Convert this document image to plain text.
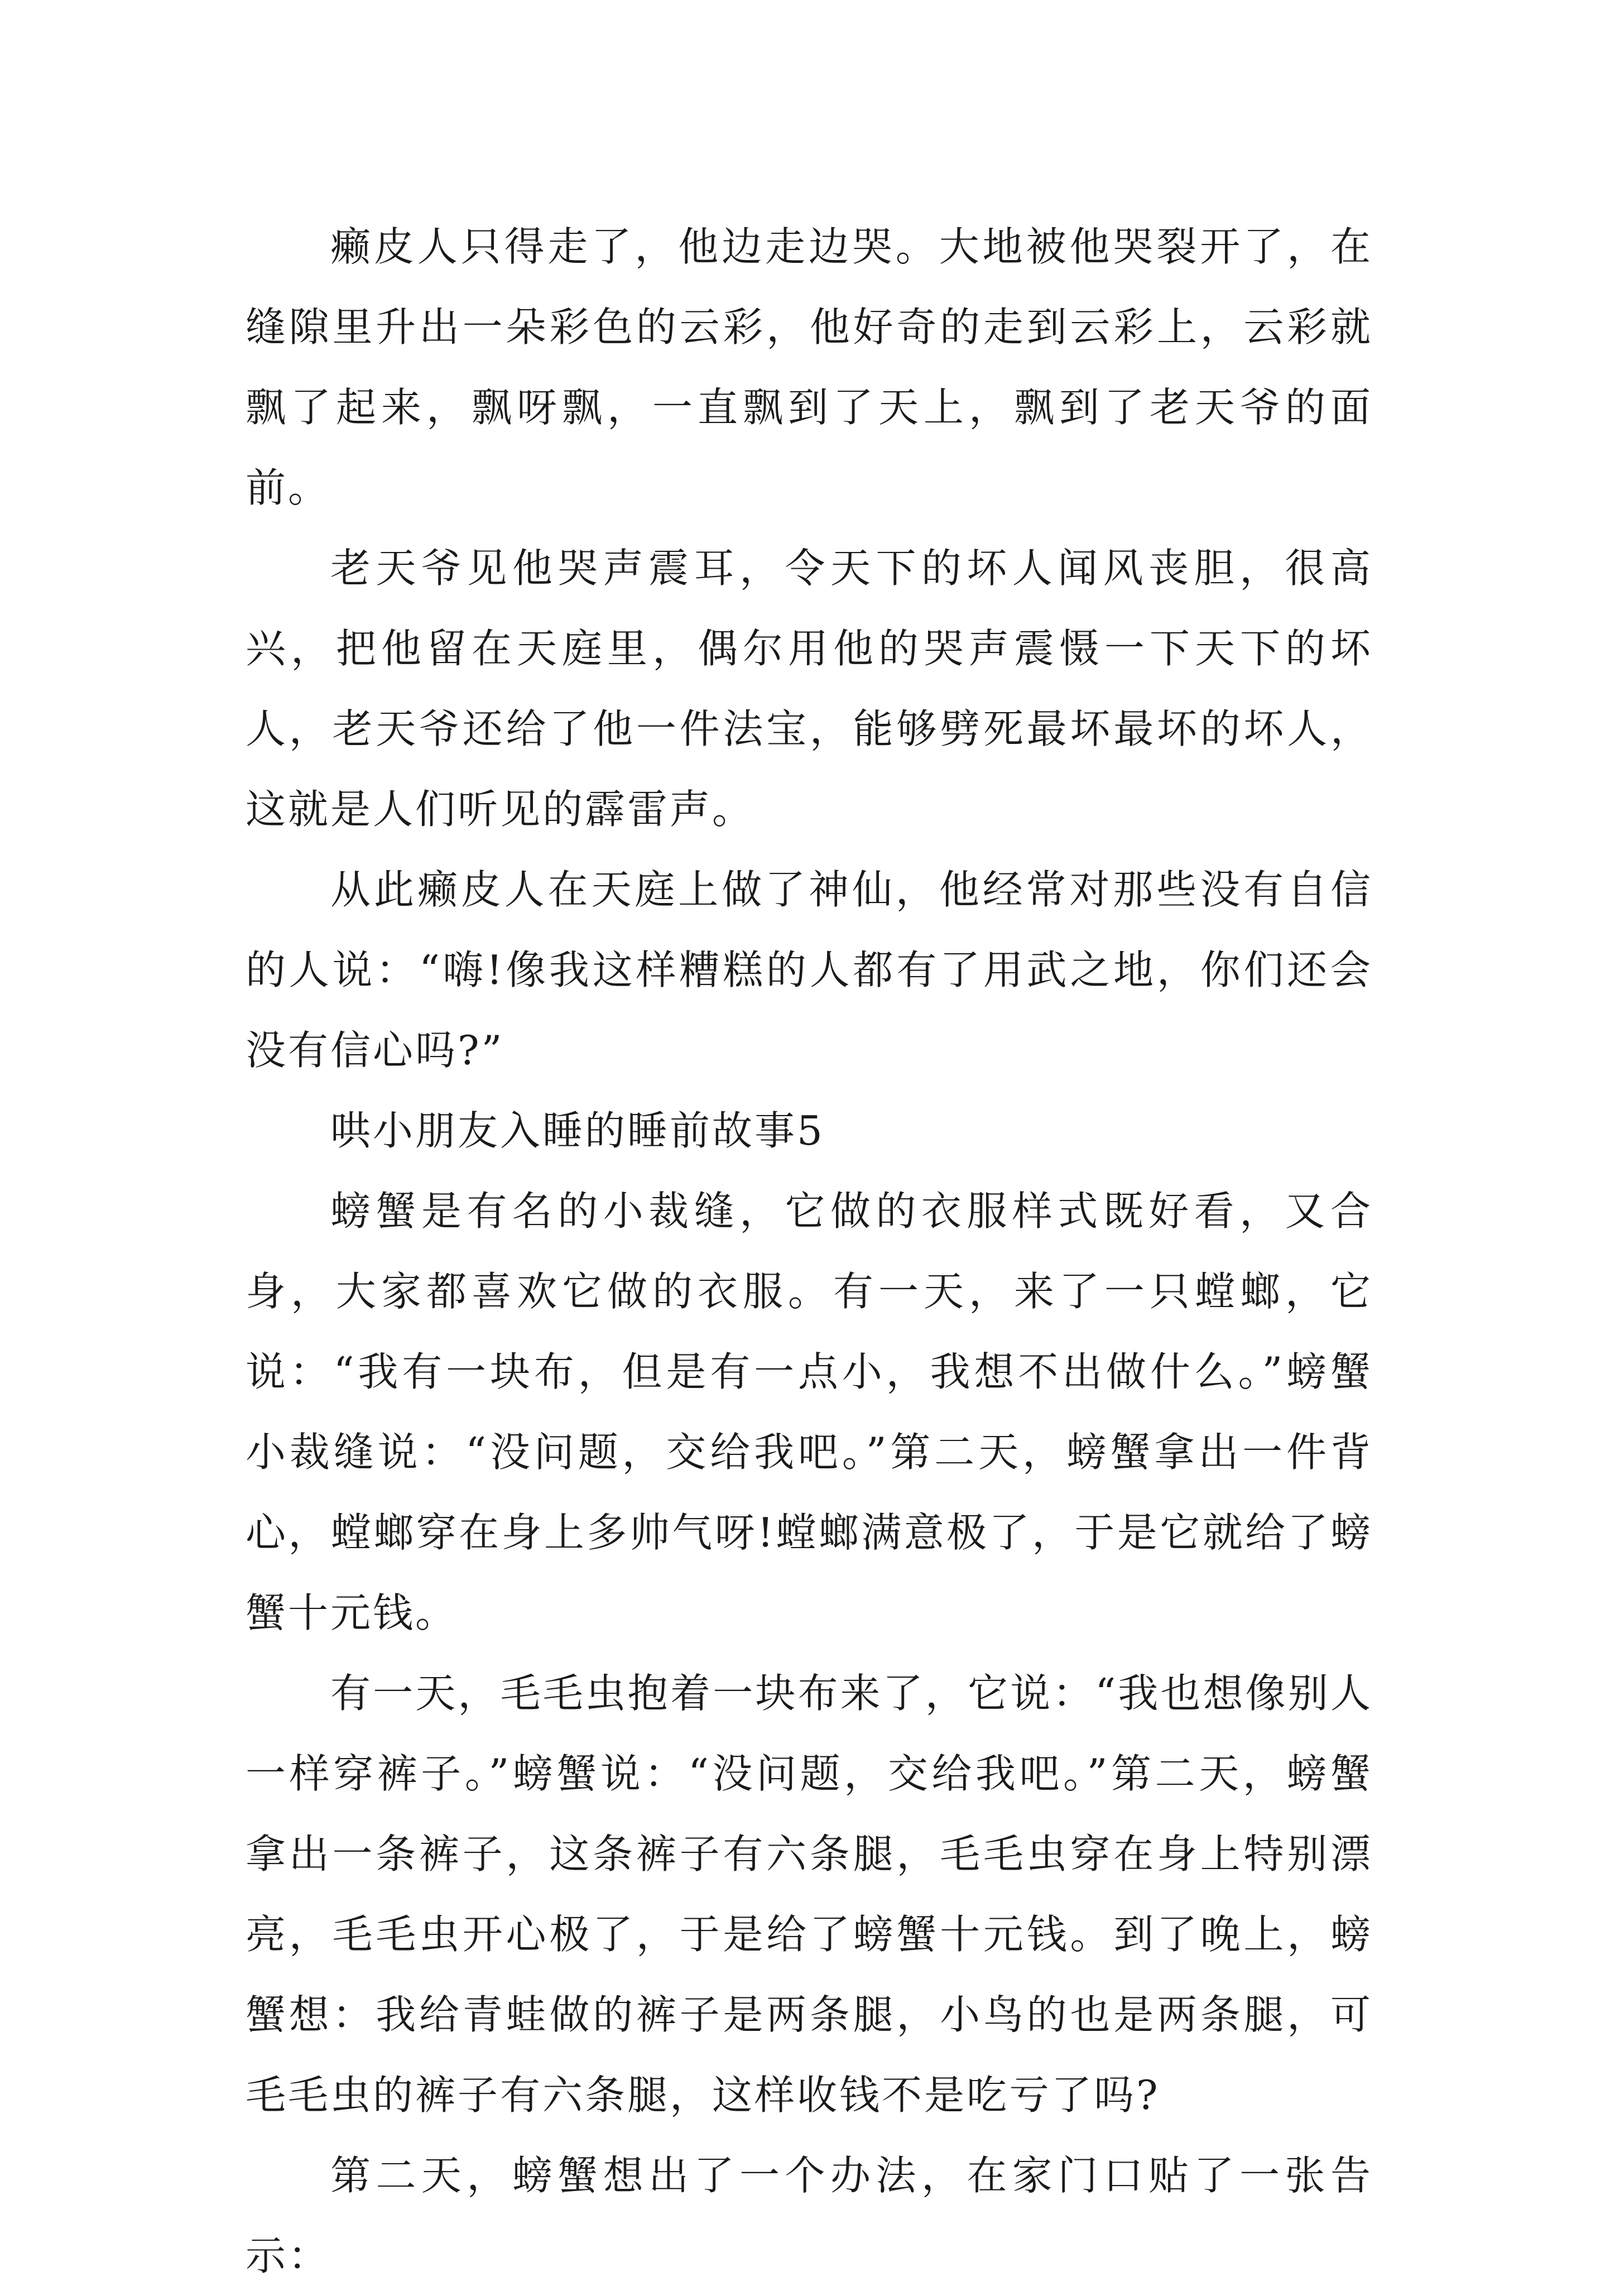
癞皮人只得走了，他边走边哭。大地被他哭裂开了，在缝隙里升出一朵彩色的云彩，他好奇的走到云彩上，云彩就飘了起来，飘呀飘，一直飘到了天上，飘到了老天爷的面前。

老天爷见他哭声震耳，令天下的坏人闻风丧胆，很高兴，把他留在天庭里，偶尔用他的哭声震慑一下天下的坏人，老天爷还给了他一件法宝，能够劈死最坏最坏的坏人，这就是人们听见的霹雷声。

从此癞皮人在天庭上做了神仙，他经常对那些没有自信的人说：“嗨!像我这样糟糕的人都有了用武之地，你们还会没有信心吗?”

哄小朋友入睡的睡前故事5

螃蟹是有名的小裁缝，它做的衣服样式既好看，又合身，大家都喜欢它做的衣服。有一天，来了一只螳螂，它说：“我有一块布，但是有一点小，我想不出做什么。”螃蟹小裁缝说：“没问题，交给我吧。”第二天，螃蟹拿出一件背心，螳螂穿在身上多帅气呀!螳螂满意极了，于是它就给了螃蟹十元钱。

有一天，毛毛虫抱着一块布来了，它说：“我也想像别人一样穿裤子。”螃蟹说：“没问题，交给我吧。”第二天，螃蟹拿出一条裤子，这条裤子有六条腿，毛毛虫穿在身上特别漂亮，毛毛虫开心极了，于是给了螃蟹十元钱。到了晚上，螃蟹想：我给青蛙做的裤子是两条腿，小鸟的也是两条腿，可毛毛虫的裤子有六条腿，这样收钱不是吃亏了吗?

第二天，螃蟹想出了一个办法，在家门口贴了一张告示：
